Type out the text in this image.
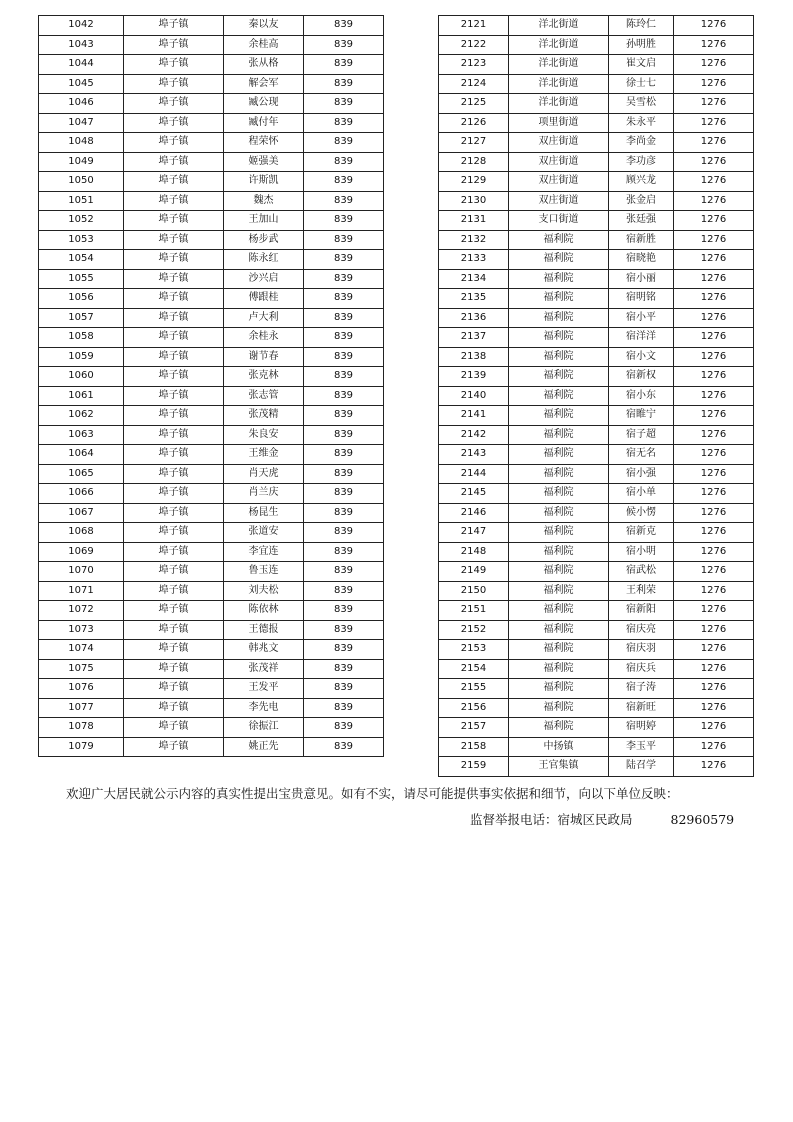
1042	埠子镇	秦以友	839
1043	埠子镇	余桂高	839
1044	埠子镇	张从格	839
1045	埠子镇	解会军	839
1046	埠子镇	臧公现	839
1047	埠子镇	臧付年	839
1048	埠子镇	程荣怀	839
1049	埠子镇	姬强美	839
1050	埠子镇	许斯凯	839
1051	埠子镇	魏杰	839
1052	埠子镇	王加山	839
1053	埠子镇	杨步武	839
1054	埠子镇	陈永红	839
1055	埠子镇	沙兴启	839
1056	埠子镇	傅跟桂	839
1057	埠子镇	卢大利	839
1058	埠子镇	余桂永	839
1059	埠子镇	谢节春	839
1060	埠子镇	张克林	839
1061	埠子镇	张志管	839
1062	埠子镇	张茂精	839
1063	埠子镇	朱良安	839
1064	埠子镇	王维金	839
1065	埠子镇	肖天虎	839
1066	埠子镇	肖兰庆	839
1067	埠子镇	杨昆生	839
1068	埠子镇	张道安	839
1069	埠子镇	李宜连	839
1070	埠子镇	鲁玉连	839
1071	埠子镇	刘夫松	839
1072	埠子镇	陈依林	839
1073	埠子镇	王德报	839
1074	埠子镇	韩兆文	839
1075	埠子镇	张茂祥	839
1076	埠子镇	王发平	839
1077	埠子镇	李先电	839
1078	埠子镇	徐振江	839
1079	埠子镇	姚正先	839
2121	洋北街道	陈玲仁	1276
2122	洋北街道	孙明胜	1276
2123	洋北街道	崔文启	1276
2124	洋北街道	徐士七	1276
2125	洋北街道	吴雪松	1276
2126	项里街道	朱永平	1276
2127	双庄街道	李尚金	1276
2128	双庄街道	李功彦	1276
2129	双庄街道	顾兴龙	1276
2130	双庄街道	张金启	1276
2131	支口街道	张廷强	1276
2132	福利院	宿新胜	1276
2133	福利院	宿晓艳	1276
2134	福利院	宿小丽	1276
2135	福利院	宿明铭	1276
2136	福利院	宿小平	1276
2137	福利院	宿洋洋	1276
2138	福利院	宿小文	1276
2139	福利院	宿新权	1276
2140	福利院	宿小东	1276
2141	福利院	宿睢宁	1276
2142	福利院	宿子超	1276
2143	福利院	宿无名	1276
2144	福利院	宿小强	1276
2145	福利院	宿小单	1276
2146	福利院	候小愣	1276
2147	福利院	宿新克	1276
2148	福利院	宿小明	1276
2149	福利院	宿武松	1276
2150	福利院	王利荣	1276
2151	福利院	宿新阳	1276
2152	福利院	宿庆亮	1276
2153	福利院	宿庆羽	1276
2154	福利院	宿庆兵	1276
2155	福利院	宿子涛	1276
2156	福利院	宿新旺	1276
2157	福利院	宿明婷	1276
2158	中扬镇	李玉平	1276
2159	王官集镇	陆召学	1276
欢迎广大居民就公示内容的真实性提出宝贵意见。如有不实，请尽可能提供事实依据和细节，向以下单位反映：
监督举报电话：宿城区民政局	82960579
